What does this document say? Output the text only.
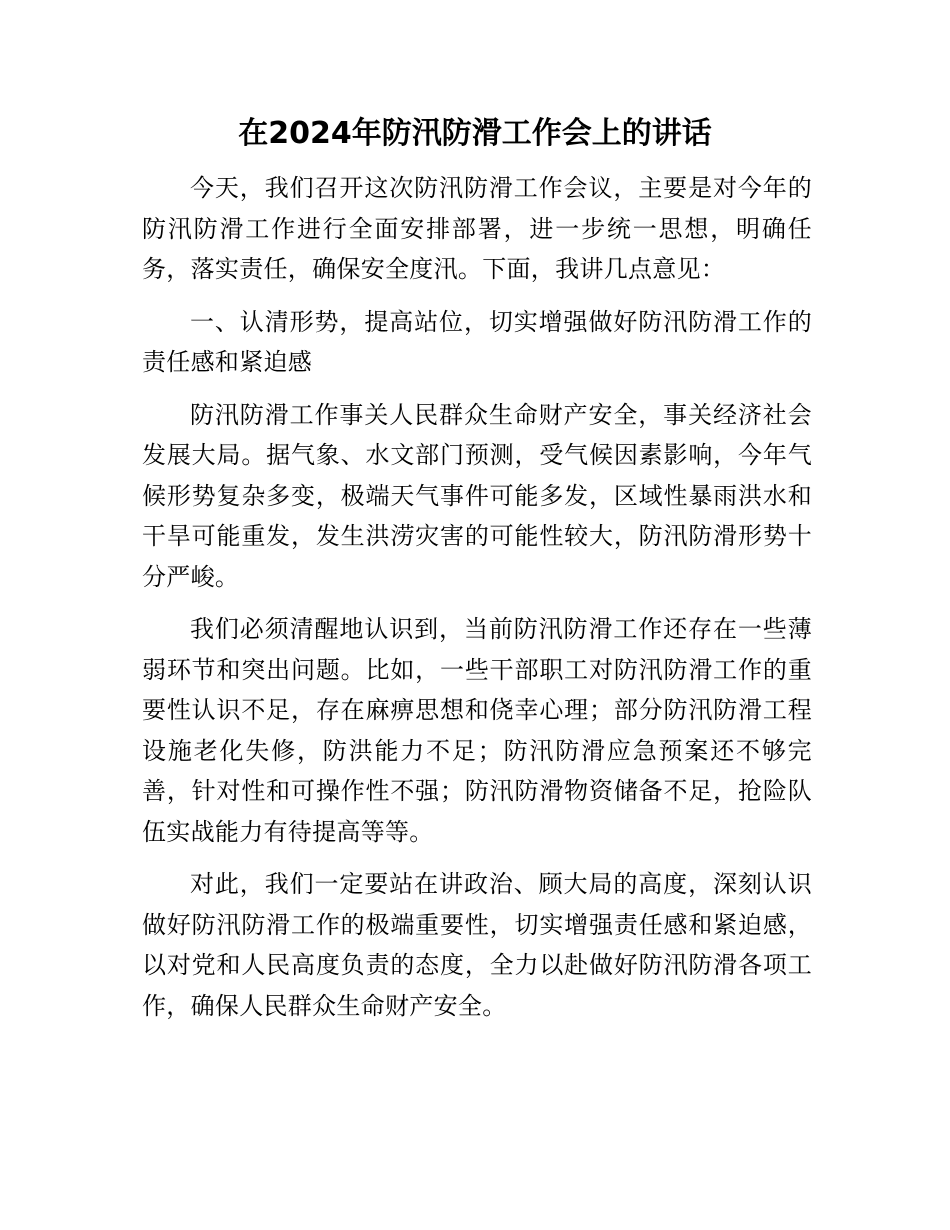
在2024年防汛防滑工作会上的讲话

今天，我们召开这次防汛防滑工作会议，主要是对今年的防汛防滑工作进行全面安排部署，进一步统一思想，明确任务，落实责任，确保安全度汛。下面，我讲几点意见：

一、认清形势，提高站位，切实增强做好防汛防滑工作的责任感和紧迫感

防汛防滑工作事关人民群众生命财产安全，事关经济社会发展大局。据气象、水文部门预测，受气候因素影响，今年气候形势复杂多变，极端天气事件可能多发，区域性暴雨洪水和干旱可能重发，发生洪涝灾害的可能性较大，防汛防滑形势十分严峻。

我们必须清醒地认识到，当前防汛防滑工作还存在一些薄弱环节和突出问题。比如，一些干部职工对防汛防滑工作的重要性认识不足，存在麻痹思想和侥幸心理；部分防汛防滑工程设施老化失修，防洪能力不足；防汛防滑应急预案还不够完善，针对性和可操作性不强；防汛防滑物资储备不足，抢险队伍实战能力有待提高等等。

对此，我们一定要站在讲政治、顾大局的高度，深刻认识做好防汛防滑工作的极端重要性，切实增强责任感和紧迫感，以对党和人民高度负责的态度，全力以赴做好防汛防滑各项工作，确保人民群众生命财产安全。
